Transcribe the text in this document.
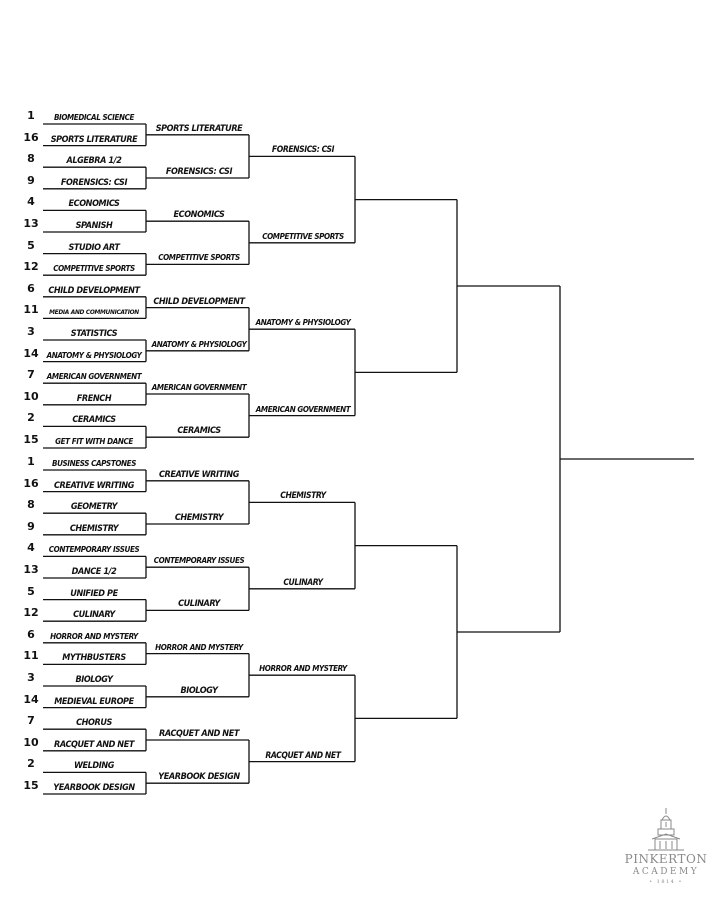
1	BIOMEDICAL SCIENCE
16	SPORTS LITERATURE
8	ALGEBRA 1/2
9	FORENSICS: CSI
4	ECONOMICS
13	SPANISH
5	STUDIO ART
12	COMPETITIVE SPORTS
6	CHILD DEVELOPMENT
11	MEDIA AND COMMUNICATION
3	STATISTICS
14 ANATOMY & PHYSIOLOGY
7	AMERICAN GOVERNMENT
10	FRENCH
2	CERAMICS
15	GET FIT WITH DANCE
SPORTS LITERATURE
FORENSICS: CSI
ECONOMICS
COMPETITIVE SPORTS
CHILD DEVELOPMENT
ANATOMY & PHYSIOLOGY
AMERICAN GOVERNMENT
CERAMICS
FORENSICS: CSI
COMPETITIVE SPORTS
ANATOMY & PHYSIOLOGY
AMERICAN GOVERNMENT
1	BUSINESS CAPSTONES
16	CREATIVE WRITING
8	GEOMETRY
9	CHEMISTRY
4	CONTEMPORARY ISSUES
13	DANCE 1/2
5	UNIFIED PE
12	CULINARY
6	HORROR AND MYSTERY
11	MYTHBUSTERS
3	BIOLOGY
14	MEDIEVAL EUROPE
7	CHORUS
10	RACQUET AND NET
2	WELDING
15	YEARBOOK DESIGN
CREATIVE WRITING
CHEMISTRY
CONTEMPORARY ISSUES
CULINARY
HORROR AND MYSTERY
BIOLOGY
RACQUET AND NET
YEARBOOK DESIGN
CHEMISTRY
CULINARY
HORROR AND MYSTERY
RACQUET AND NET
PINKERTON
ACADEMY
• 1814 •
